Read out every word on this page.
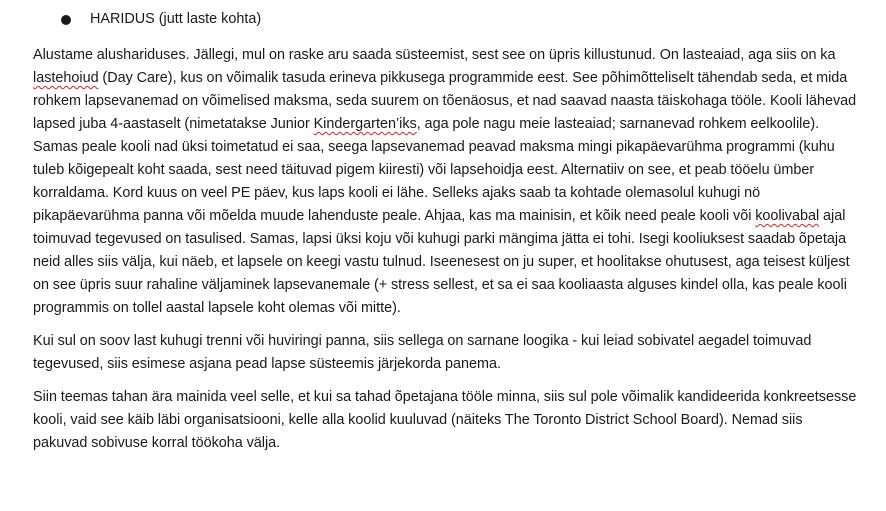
HARIDUS (jutt laste kohta)

Alustame alushariduses. Jällegi, mul on raske aru saada süsteemist, sest see on üpris killustunud. On lasteaiad, aga siis on ka lastehoiud (Day Care), kus on võimalik tasuda erineva pikkusega programmide eest. See põhimõtteliselt tähendab seda, et mida rohkem lapsevanemad on võimelised maksma, seda suurem on tõenäosus, et nad saavad naasta täiskohaga tööle. Kooli lähevad lapsed juba 4-aastaselt (nimetatakse Junior Kindergarten’iks, aga pole nagu meie lasteaiad; sarnanevad rohkem eelkoolile). Samas peale kooli nad üksi toimetatud ei saa, seega lapsevanemad peavad maksma mingi pikapäevarühma programmi (kuhu tuleb kõigepealt koht saada, sest need täituvad pigem kiiresti) või lapsehoidja eest. Alternatiiv on see, et peab tööelu ümber korraldama. Kord kuus on veel PE päev, kus laps kooli ei lähe. Selleks ajaks saab ta kohtade olemasolul kuhugi nö pikapäevarühma panna või mõelda muude lahenduste peale. Ahjaa, kas ma mainisin, et kõik need peale kooli või koolivabal ajal toimuvad tegevused on tasulised. Samas, lapsi üksi koju või kuhugi parki mängima jätta ei tohi. Isegi kooliuksest saadab õpetaja neid alles siis välja, kui näeb, et lapsele on keegi vastu tulnud. Iseenesest on ju super, et hoolitakse ohutusest, aga teisest küljest on see üpris suur rahaline väljaminek lapsevanemale (+ stress sellest, et sa ei saa kooliaasta alguses kindel olla, kas peale kooli programmis on tollel aastal lapsele koht olemas või mitte).

Kui sul on soov last kuhugi trenni või huviringi panna, siis sellega on sarnane loogika - kui leiad sobivatel aegadel toimuvad tegevused, siis esimese asjana pead lapse süsteemis järjekorda panema.

Siin teemas tahan ära mainida veel selle, et kui sa tahad õpetajana tööle minna, siis sul pole võimalik kandideerida konkreetsesse kooli, vaid see käib läbi organisatsiooni, kelle alla koolid kuuluvad (näiteks The Toronto District School Board). Nemad siis pakuvad sobivuse korral töökoha välja.
